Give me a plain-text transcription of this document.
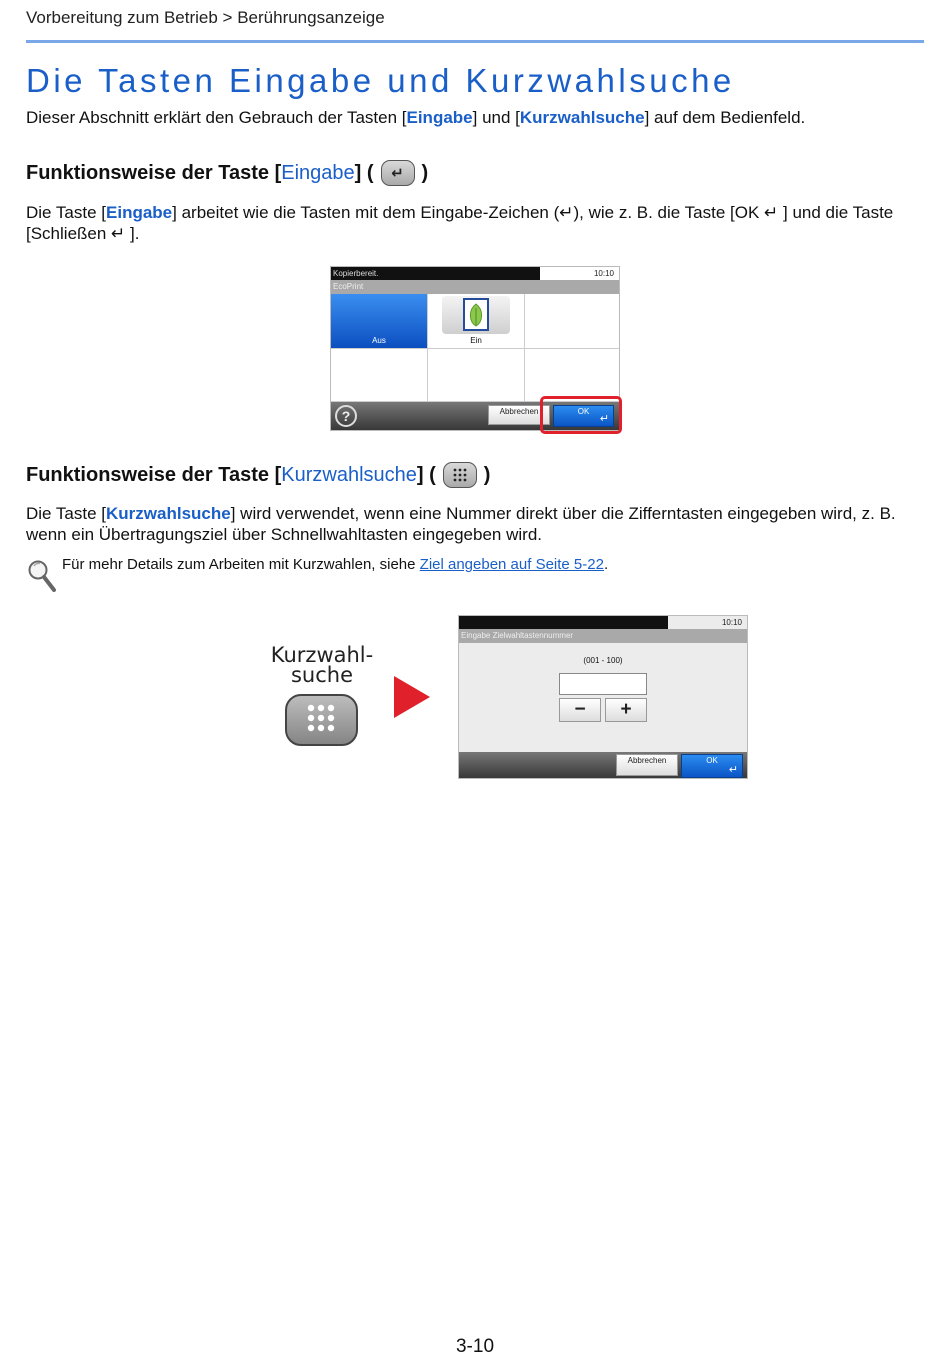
Vorbereitung zum Betrieb > Berührungsanzeige
Die Tasten Eingabe und Kurzwahlsuche

Dieser Abschnitt erklärt den Gebrauch der Tasten [Eingabe] und [Kurzwahlsuche] auf dem Bedienfeld.

Funktionsweise der Taste [ Eingabe ] (	↵ )

Die Taste [Eingabe] arbeitet wie die Tasten mit dem Eingabe-Zeichen (↵), wie z. B. die Taste [OK ↵ ] und die Taste [Schließen ↵ ].

Kopierbereit.	10:10
EcoPrint
Aus	Ein
?	Abbrechen	OK
↵
Funktionsweise der Taste [ Kurzwahlsuche ] ( )

Die Taste [Kurzwahlsuche] wird verwendet, wenn eine Nummer direkt über die Zifferntasten eingegeben wird, z. B. wenn ein Übertragungsziel über Schnellwahltasten eingegeben wird.

Für mehr Details zum Arbeiten mit Kurzwahlen, siehe Ziel angeben auf Seite 5-22.

Kurzwahl-
suche
10:10
Eingabe Zielwahltastennummer
(001 - 100)
−	+
Abbrechen	OK
↵
3-10
